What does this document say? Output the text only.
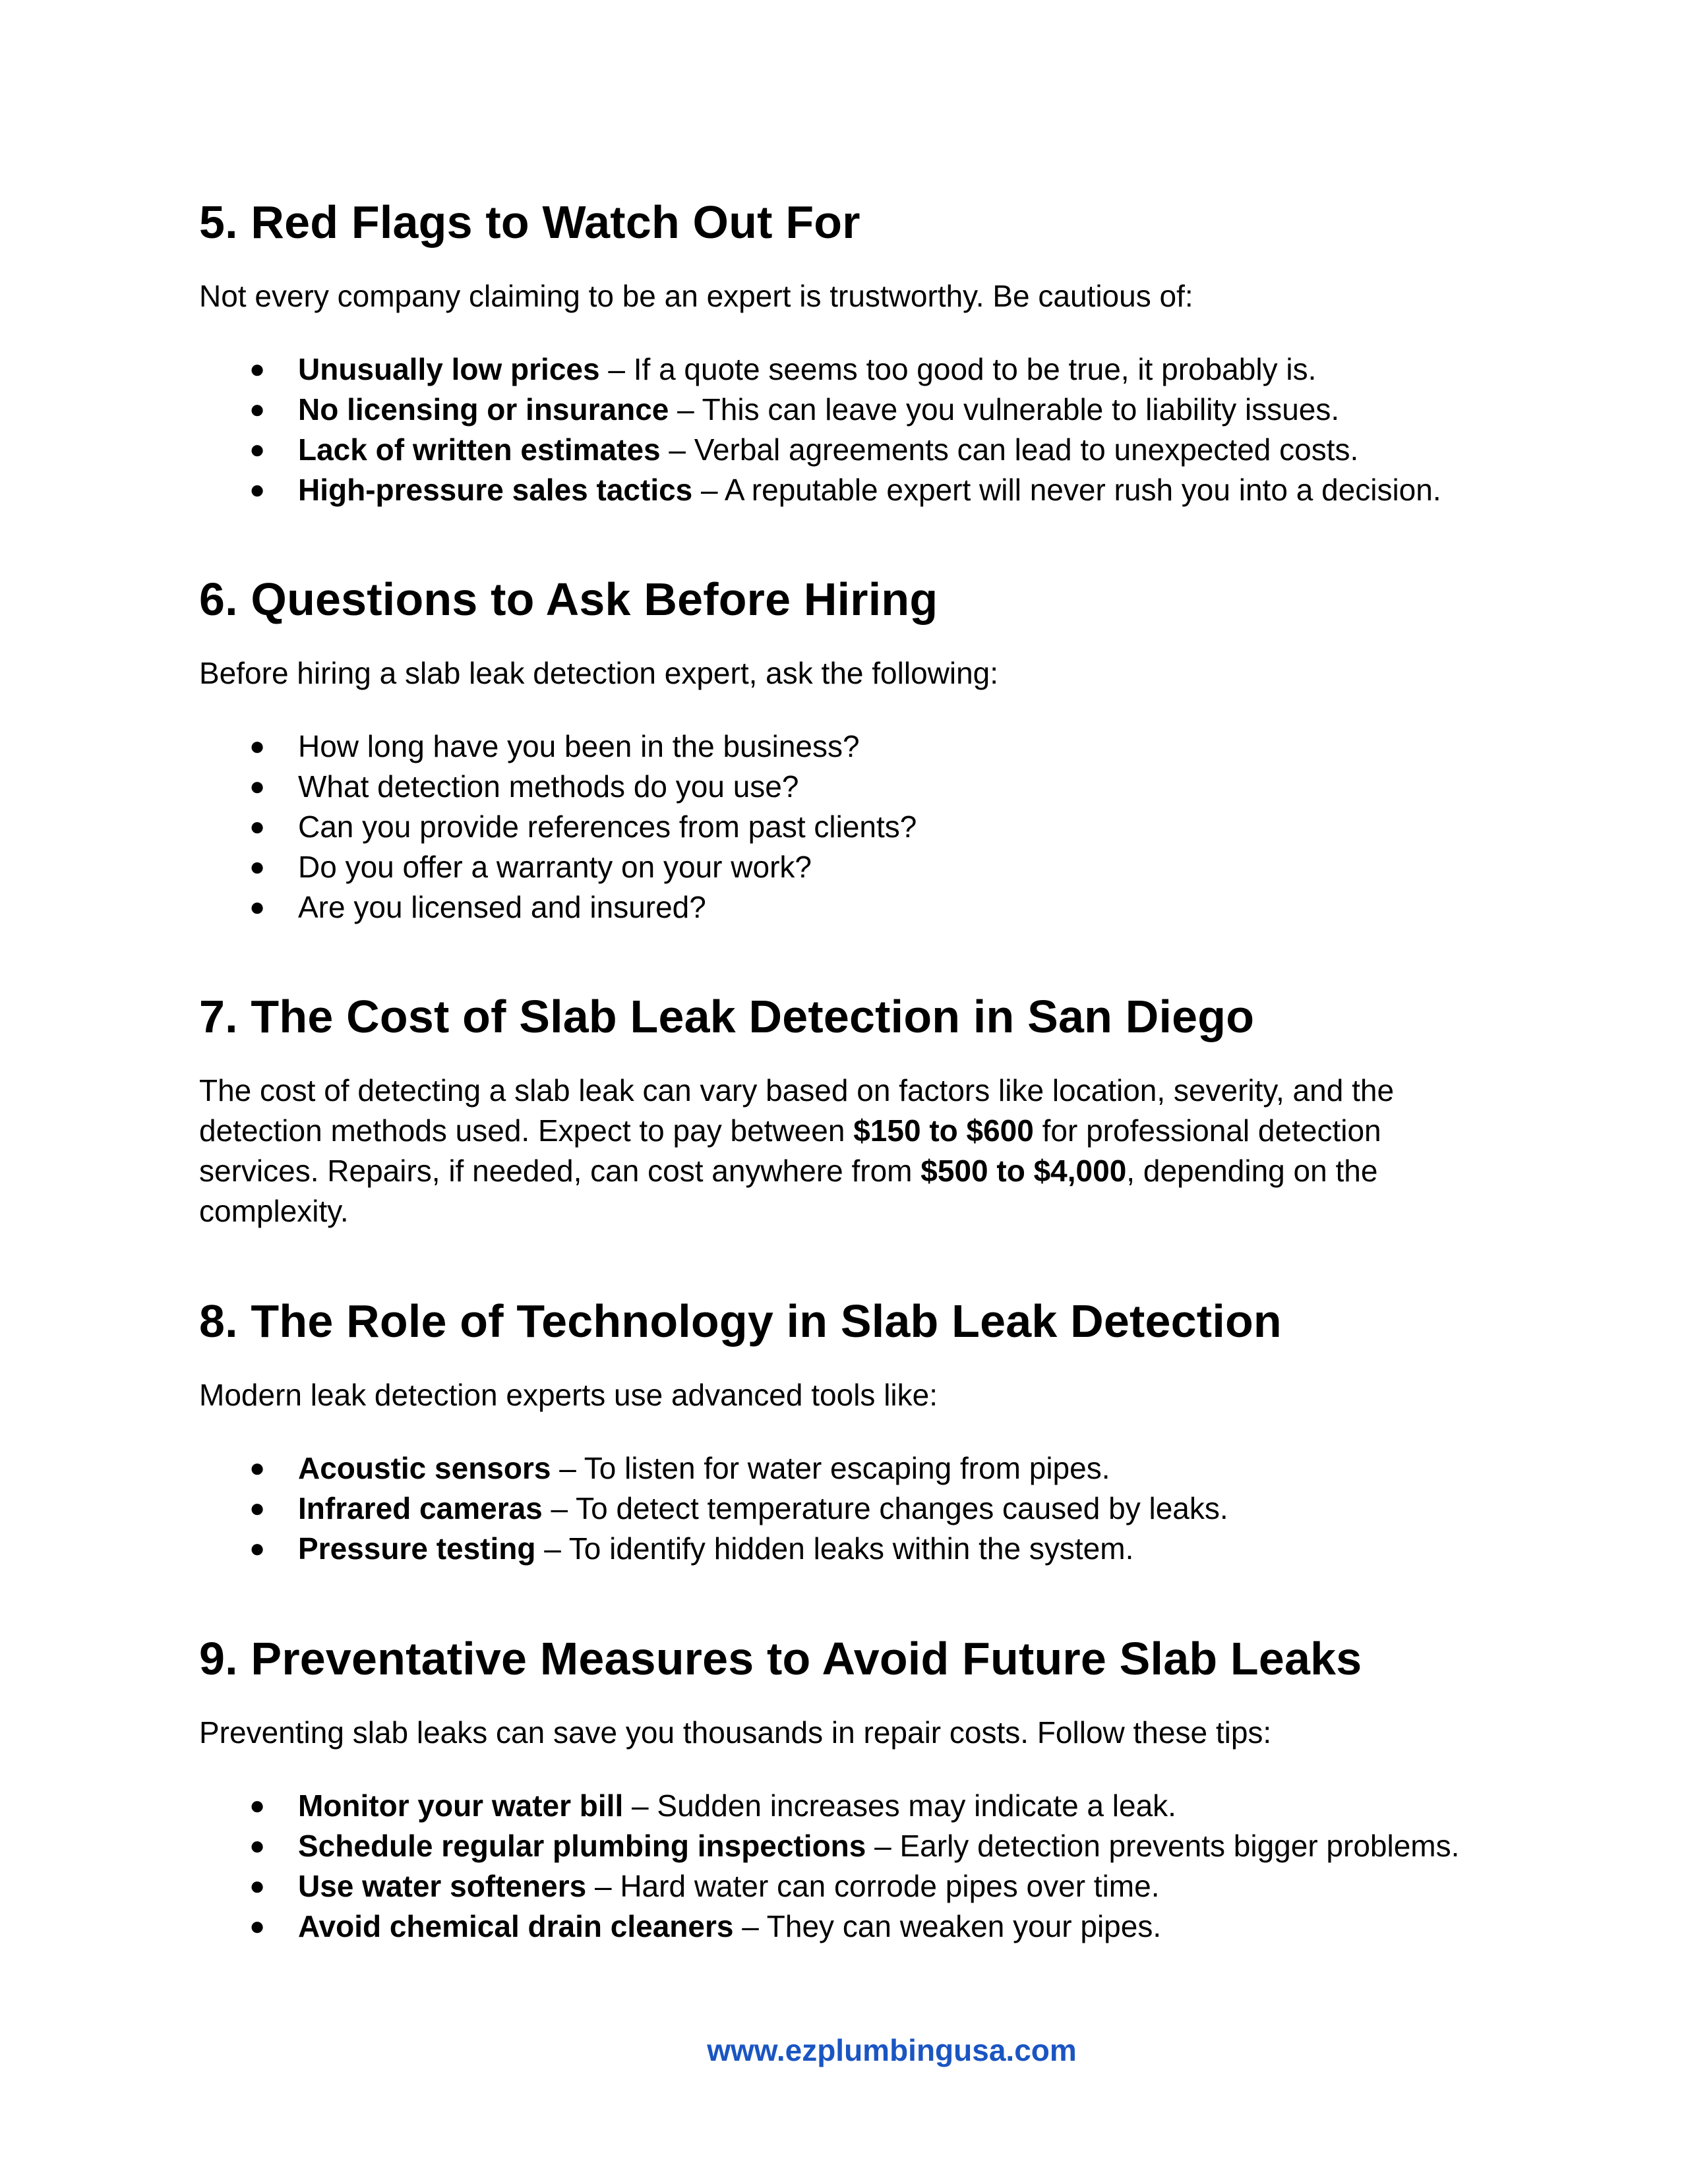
5. Red Flags to Watch Out For

Not every company claiming to be an expert is trustworthy. Be cautious of:

● Unusually low prices – If a quote seems too good to be true, it probably is.
● No licensing or insurance – This can leave you vulnerable to liability issues.
● Lack of written estimates – Verbal agreements can lead to unexpected costs.
● High-pressure sales tactics – A reputable expert will never rush you into a decision.
6. Questions to Ask Before Hiring

Before hiring a slab leak detection expert, ask the following:

● How long have you been in the business?
● What detection methods do you use?
● Can you provide references from past clients?
● Do you offer a warranty on your work?
● Are you licensed and insured?
7. The Cost of Slab Leak Detection in San Diego

The cost of detecting a slab leak can vary based on factors like location, severity, and the

detection methods used. Expect to pay between $150 to $600 for professional detection

services. Repairs, if needed, can cost anywhere from $500 to $4,000, depending on the

complexity.

8. The Role of Technology in Slab Leak Detection

Modern leak detection experts use advanced tools like:

● Acoustic sensors – To listen for water escaping from pipes.
● Infrared cameras – To detect temperature changes caused by leaks.
● Pressure testing – To identify hidden leaks within the system.
9. Preventative Measures to Avoid Future Slab Leaks

Preventing slab leaks can save you thousands in repair costs. Follow these tips:

● Monitor your water bill – Sudden increases may indicate a leak.
● Schedule regular plumbing inspections – Early detection prevents bigger problems.
● Use water softeners – Hard water can corrode pipes over time.
● Avoid chemical drain cleaners – They can weaken your pipes.
www.ezplumbingusa.com
